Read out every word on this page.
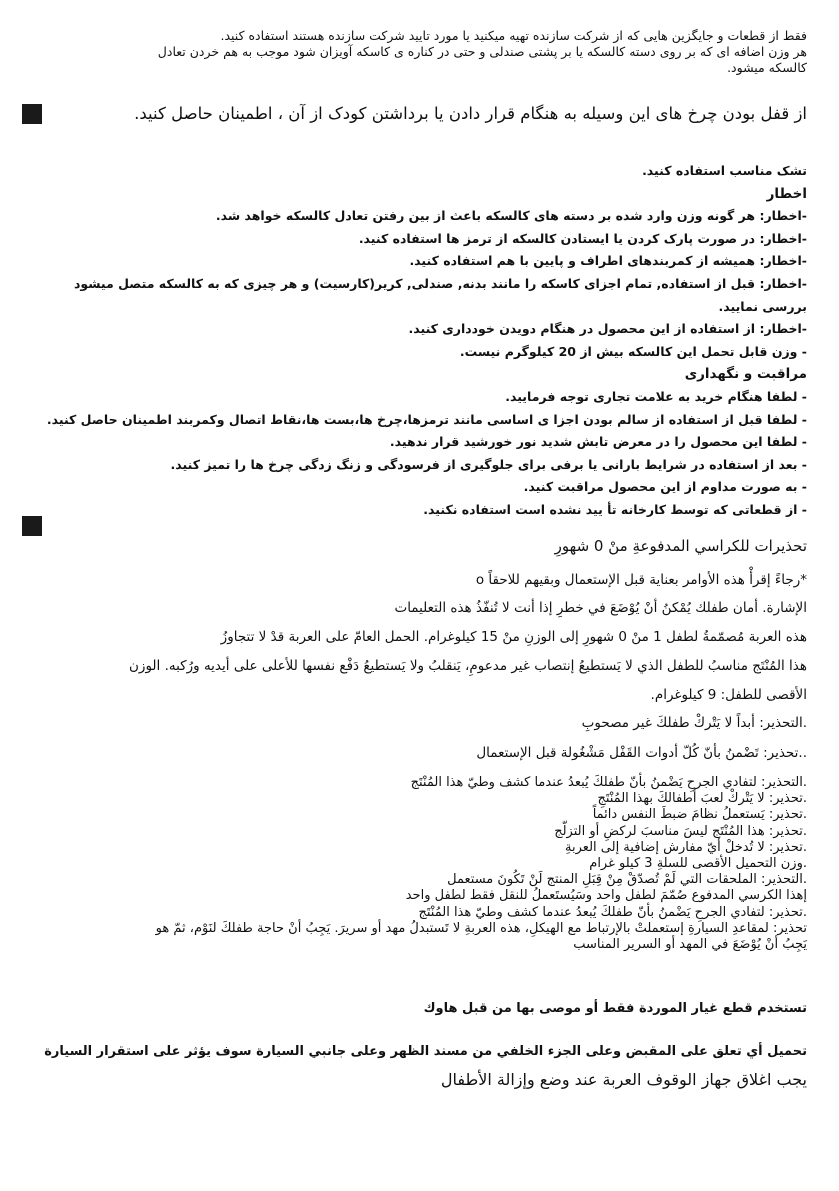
فقط از قطعات و جایگزین هایی که از شرکت سازنده تهیه میکنید یا مورد تایید شرکت سازنده هستند استفاده کنید.

هر وزن اضافه ای که بر روی دسته کالسکه یا بر پشتی صندلی و حتی در کناره ی کاسکه آویزان شود موجب به هم خردن تعادل

کالسکه میشود.

از قفل بودن چرخ های این وسیله به هنگام قرار دادن یا برداشتن کودک از آن ، اطمینان حاصل کنید.

تشک مناسب استفاده کنید.

اخطار

-اخطار: هر گونه وزن وارد شده بر دسته های کالسکه باعث از بین رفتن تعادل کالسکه خواهد شد.

-اخطار: در صورت پارک کردن یا ایستادن کالسکه از ترمز ها استفاده کنید.

-اخطار: همیشه از کمربندهای اطراف و پایین با هم استفاده کنید.

-اخطار: قبل از استفاده, تمام اجزای کاسکه را مانند بدنه, صندلی, کریر(کارسیت) و هر چیزی که به کالسکه متصل میشود بررسی نمایید.

-اخطار: از استفاده از این محصول در هنگام دویدن خودداری کنید.

- وزن قابل تحمل این کالسکه بیش از 20 کیلوگرم نیست.

مراقبت و نگهداری

- لطفا هنگام خرید به علامت تجاری توجه فرمایید.

- لطفا قبل از استفاده از سالم بودن اجزا ی اساسی مانند ترمزها،چرخ ها،بست ها،نقاط اتصال وکمربند اطمینان حاصل کنید.

- لطفا این محصول را در معرض تابش شدید نور خورشید قرار ندهید.

- بعد از استفاده در شرایط بارانی یا برفی برای جلوگیری از فرسودگی و زنگ زدگی چرخ ها را تمیز کنید.

- به صورت مداوم از این محصول مراقبت کنید.

- از قطعاتی که توسط کارخانه تأ یید نشده است استفاده نکنید.

تحذيرات للكراسي المدفوعةِ منْ 0 شهورِ

*رجاءً إقرأْ هذه الأوامر بعناية قبل الإستعمال وبقيهم للاحقاً o

الإشارة. أمان طفلك يُمْكنُ أنْ يُوْضَعَ في خطرِ إذا أنت لا تُنفّذُ هذه التعليمات

هذه العربة مُصمّمةُ لطفل 1 منْ 0 شهورِ إلى الوزنِ منْ 15 كيلوغرام. الحمل العامّ على العربة قدْ لا تتجاوزُ

هذا المُنْتَج مناسبُ للطفل الذي لا يَستطيعُ إنتصاب غير مدعومِ، يَنقلبُ ولا يَستطيعُ دَفْع نفسها للأعلى على أيديه ورُكبه. الوزن

الأقصى للطفل: 9 كيلوغرام.

.التحذير: أبداً لا يَتْركْ طفلكَ غير مصحوبِ

..تحذير: تَضْمنُ بأنّ كُلّ أدوات القَفْل مَشْغُولة قبل الإستعمال

.التحذير: لتفادي الجرحِ يَضْمنُ بأنّ طفلكَ يُبعدُ عندما كشف وطيّ هذا المُنْتَج

.تحذير: لا يَتْركْ لعبَ أطفالكَ بهذا المُنْتَجِ

.تحذير: يَستعملُ نظامَ ضبطَ النفس دائماً

.تحذير: هذا المُنْتَج ليسَ مناسبَ لركضِ أو التزلّج

.تحذير: لا تُدخلْ أيّ مفارش إضافية إلى العربةِ

.وزن التحميل الأقصى للسلةِ 3 كيلو غرام

.التحذير: الملحقات التي لَمْ تُصدّقْ مِنْ قِبَلِ المنتج لَنْ تَكُونَ مستعمل

إهذا الكرسي المدفوع صُمّمَ لطفل واحد وسَيُستَعملُ للنقل فقط لطفل واحد

.تحذير: لتفادي الجرحِ يَضْمنُ بأنّ طفلكَ يُبعدُ عندما كشف وطيّ هذا المُنْتَج

تحذير: لمقاعدِ السيارةِ إستعملتْ بالإرتباط مع الهيكلِ، هذه العربةِ لا تَستبدلُ مهد أو سريرَ. يَجِبُ أنْ حاجة طفلكَ لنَوْم، ثمّ هو

يَجِبُ أنْ يُوْضَعَ في المهد أو السرير المناسب

تستخدم قطع غيار الموردة فقط أو موصى بها من قبل هاوك

تحميل أي تعلق على المقبض وعلى الجزء الخلفي من مسند الظهر وعلى جانبي السيارة سوف يؤثر على استقرار السيارة

يجب اغلاق جهاز الوقوف العربة عند وضع وإزالة الأطفال
